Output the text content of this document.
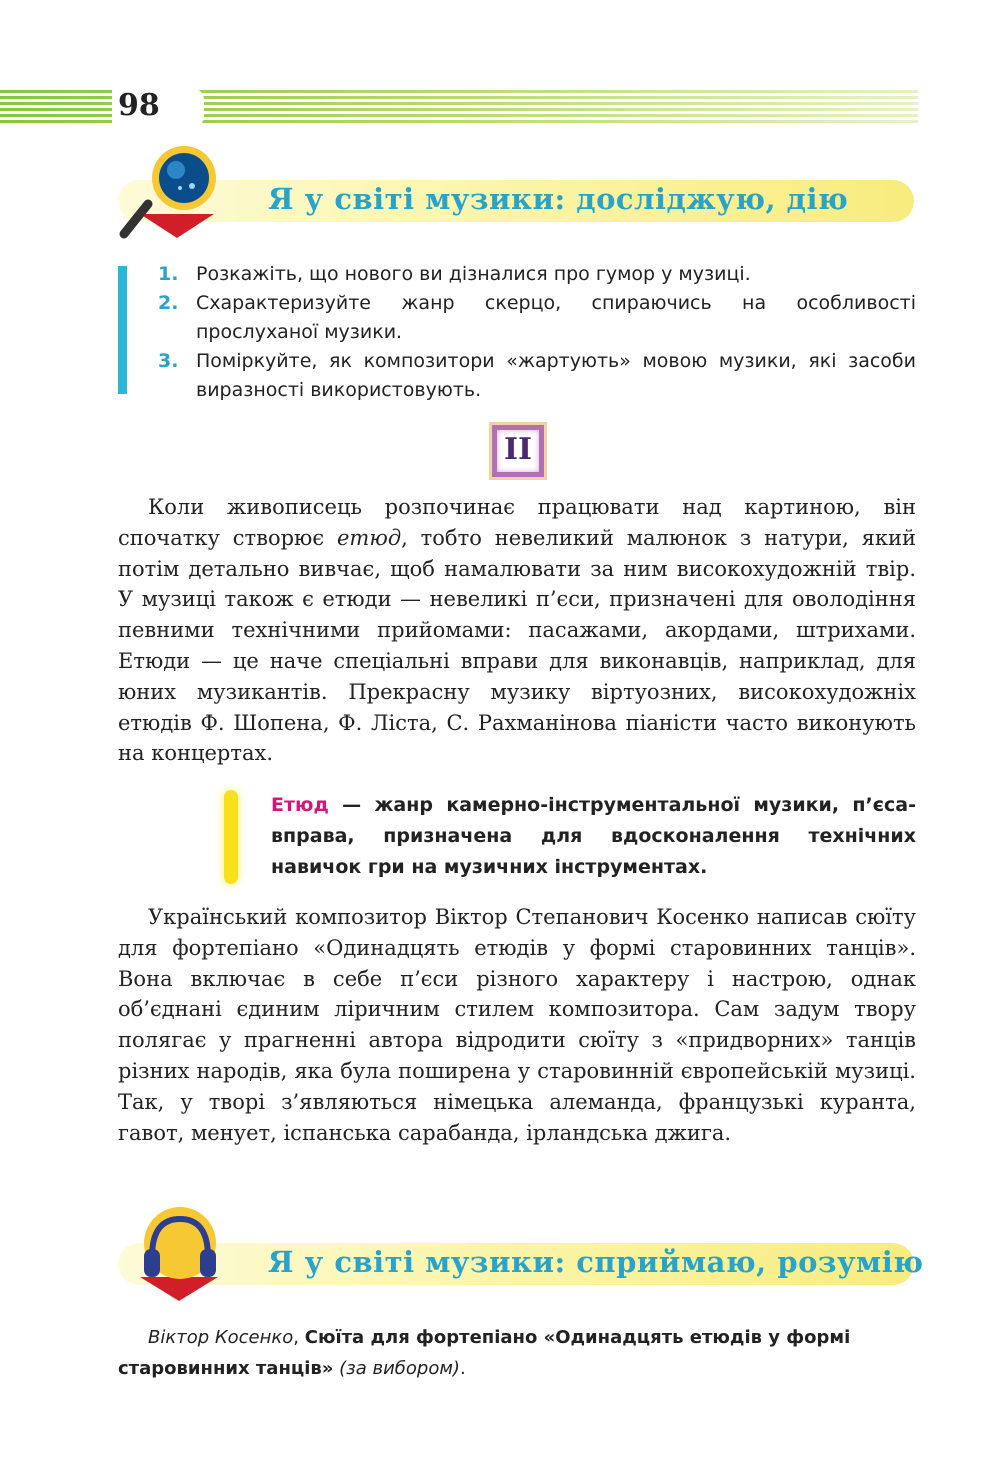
98
Я у світі музики: досліджую, дію
1. Розкажіть, що нового ви дізналися про гумор у музиці.
2. Схарактеризуйте жанр скерцо, спираючись на особливості прослуханої музики.
3. Поміркуйте, як композитори «жартують» мовою музики, які засоби виразності використовують.
II
Коли живописець розпочинає працювати над картиною, він спочатку створює етюд, тобто невеликий малюнок з натури, який потім детально вивчає, щоб намалювати за ним високохудожній твір. У музиці також є етюди — невеликі п’єси, призначені для оволодіння певними технічними прийомами: пасажами, акордами, штрихами. Етюди — це наче спеціальні вправи для виконавців, наприклад, для юних музикантів. Прекрасну музику віртуозних, високохудожніх етюдів Ф. Шопена, Ф. Ліста, С. Рахманінова піаністи часто виконують на концертах.
Етюд — жанр камерно-інструментальної музики, п’єса-вправа, призначена для вдосконалення технічних навичок гри на музичних інструментах.
Український композитор Віктор Степанович Косенко написав сюїту для фортепіано «Одинадцять етюдів у формі старовинних танців». Вона включає в себе п’єси різного характеру і настрою, однак об’єднані єдиним ліричним стилем композитора. Сам задум твору полягає у прагненні автора відродити сюїту з «придворних» танців різних народів, яка була поширена у старовинній європейській музиці. Так, у творі з’являються німецька алеманда, французькі куранта, гавот, менует, іспанська сарабанда, ірландська джига.
Я у світі музики: сприймаю, розумію
Віктор Косенко, Сюїта для фортепіано «Одинадцять етюдів у формі старовинних танців» (за вибором).
